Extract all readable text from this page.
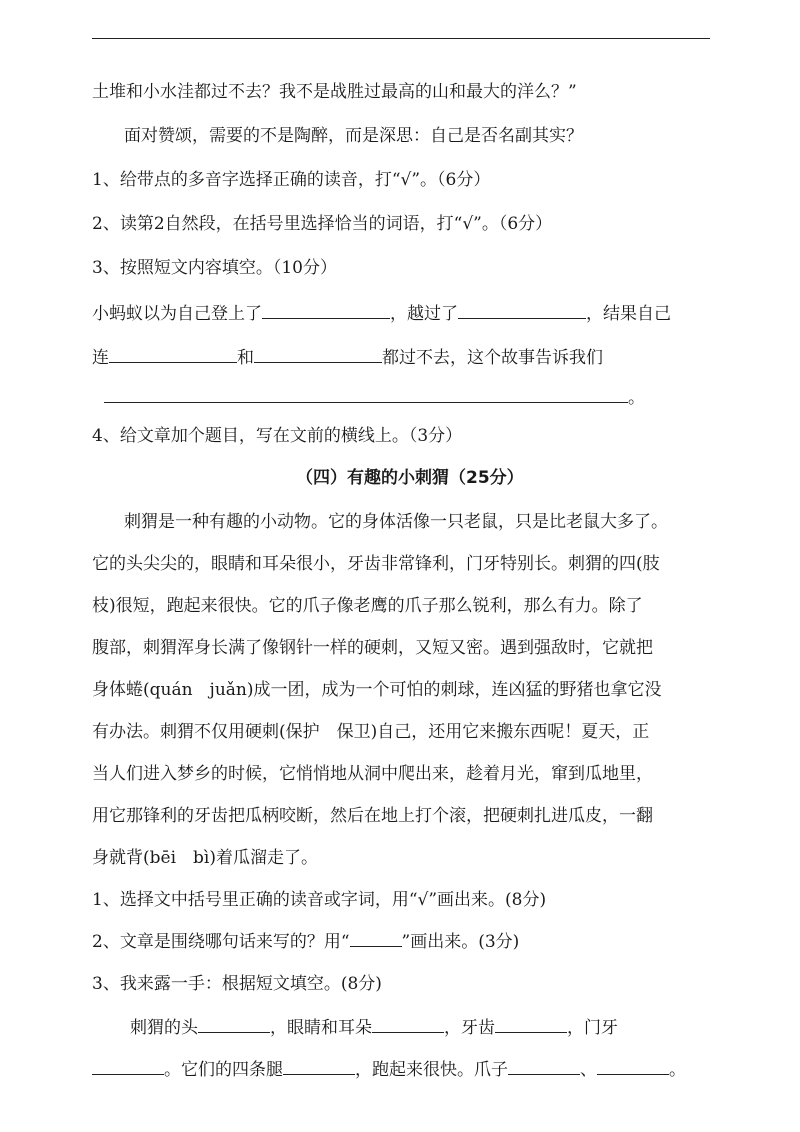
土堆和小水洼都过不去？我不是战胜过最高的山和最大的洋么？”
面对赞颂，需要的不是陶醉，而是深思：自己是否名副其实？
1、给带点的多音字选择正确的读音，打“√”。（6分）
2、读第2自然段，在括号里选择恰当的词语，打“√”。（6分）
3、按照短文内容填空。（10分）
小蚂蚁以为自己登上了	，越过了	，结果自己
连	和	都过不去，这个故事告诉我们
。
4、给文章加个题目，写在文前的横线上。（3分）
（四）有趣的小刺猬（25分）
刺猬是一种有趣的小动物。它的身体活像一只老鼠，只是比老鼠大多了。
它的头尖尖的，眼睛和耳朵很小，牙齿非常锋利，门牙特别长。刺猬的四(肢
枝)很短，跑起来很快。它的爪子像老鹰的爪子那么锐利，那么有力。除了
腹部，刺猬浑身长满了像钢针一样的硬刺，又短又密。遇到强敌时，它就把
身体蜷(quán　juǎn)成一团，成为一个可怕的刺球，连凶猛的野猪也拿它没
有办法。刺猬不仅用硬刺(保护　保卫)自己，还用它来搬东西呢！夏天，正
当人们进入梦乡的时候，它悄悄地从洞中爬出来，趁着月光，窜到瓜地里，
用它那锋利的牙齿把瓜柄咬断，然后在地上打个滚，把硬刺扎进瓜皮，一翻
身就背(bēi　bì)着瓜溜走了。
1、选择文中括号里正确的读音或字词，用“√”画出来。(8分)
2、文章是围绕哪句话来写的？用“	”画出来。(3分)
3、我来露一手：根据短文填空。(8分)
刺猬的头	，眼睛和耳朵	，牙齿	，门牙
。它们的四条腿	，跑起来很快。爪子	、	。
